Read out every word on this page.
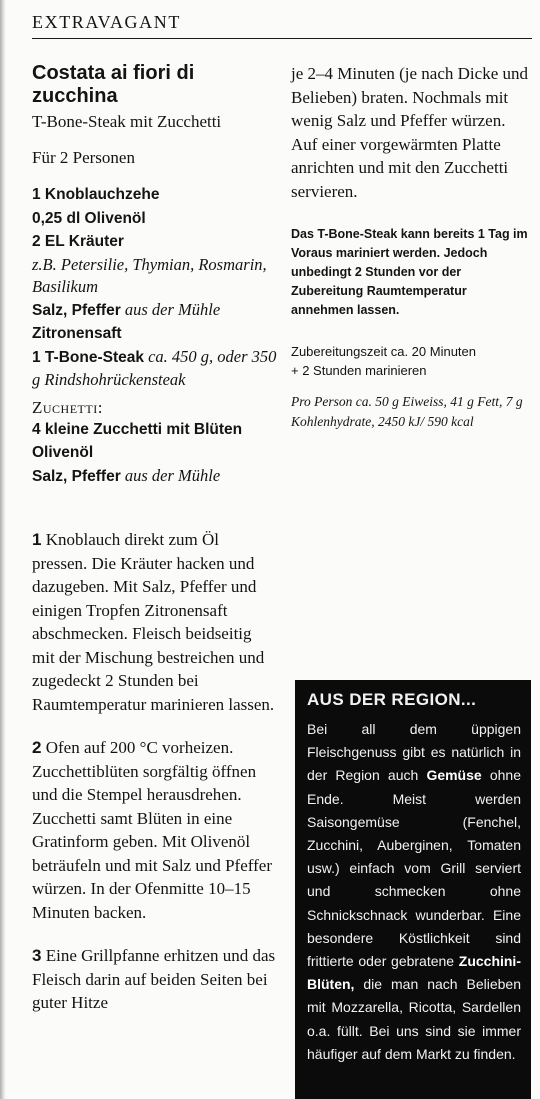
EXTRAVAGANT
Costata ai fiori di zucchina

T-Bone-Steak mit Zucchetti

Für 2 Personen

1 Knoblauchzehe
0,25 dl Olivenöl
2 EL Kräuter
z.B. Petersilie, Thymian, Rosmarin, Basilikum
Salz, Pfeffer aus der Mühle
Zitronensaft
1 T-Bone-Steak ca. 450 g, oder 350 g Rindshohrückensteak
Zuchetti:
4 kleine Zucchetti mit Blüten
Olivenöl
Salz, Pfeffer aus der Mühle

1 Knoblauch direkt zum Öl pressen. Die Kräuter hacken und dazugeben. Mit Salz, Pfeffer und einigen Tropfen Zitronensaft abschmecken. Fleisch beidseitig mit der Mischung bestreichen und zugedeckt 2 Stunden bei Raumtemperatur marinieren lassen.

2 Ofen auf 200 °C vorheizen. Zucchettiblüten sorgfältig öffnen und die Stempel herausdrehen. Zucchetti samt Blüten in eine Gratinform geben. Mit Olivenöl beträufeln und mit Salz und Pfeffer würzen. In der Ofenmitte 10–15 Minuten backen.

3 Eine Grillpfanne erhitzen und das Fleisch darin auf beiden Seiten bei guter Hitze

je 2–4 Minuten (je nach Dicke und Belieben) braten. Nochmals mit wenig Salz und Pfeffer würzen. Auf einer vorgewärmten Platte anrichten und mit den Zucchetti servieren.

Das T-Bone-Steak kann bereits 1 Tag im Voraus mariniert werden. Jedoch unbedingt 2 Stunden vor der Zubereitung Raumtemperatur annehmen lassen.

Zubereitungszeit ca. 20 Minuten
+ 2 Stunden marinieren

Pro Person ca. 50 g Eiweiss, 41 g Fett, 7 g Kohlenhydrate, 2450 kJ/ 590 kcal

AUS DER REGION...

Bei all dem üppigen Fleischgenuss gibt es natürlich in der Region auch Gemüse ohne Ende. Meist werden Saisongemüse (Fenchel, Zucchini, Auberginen, Tomaten usw.) einfach vom Grill serviert und schmecken ohne Schnickschnack wunderbar. Eine besondere Köstlichkeit sind frittierte oder gebratene Zucchini-Blüten, die man nach Belieben mit Mozzarella, Ricotta, Sardellen o.a. füllt. Bei uns sind sie immer häufiger auf dem Markt zu finden.
